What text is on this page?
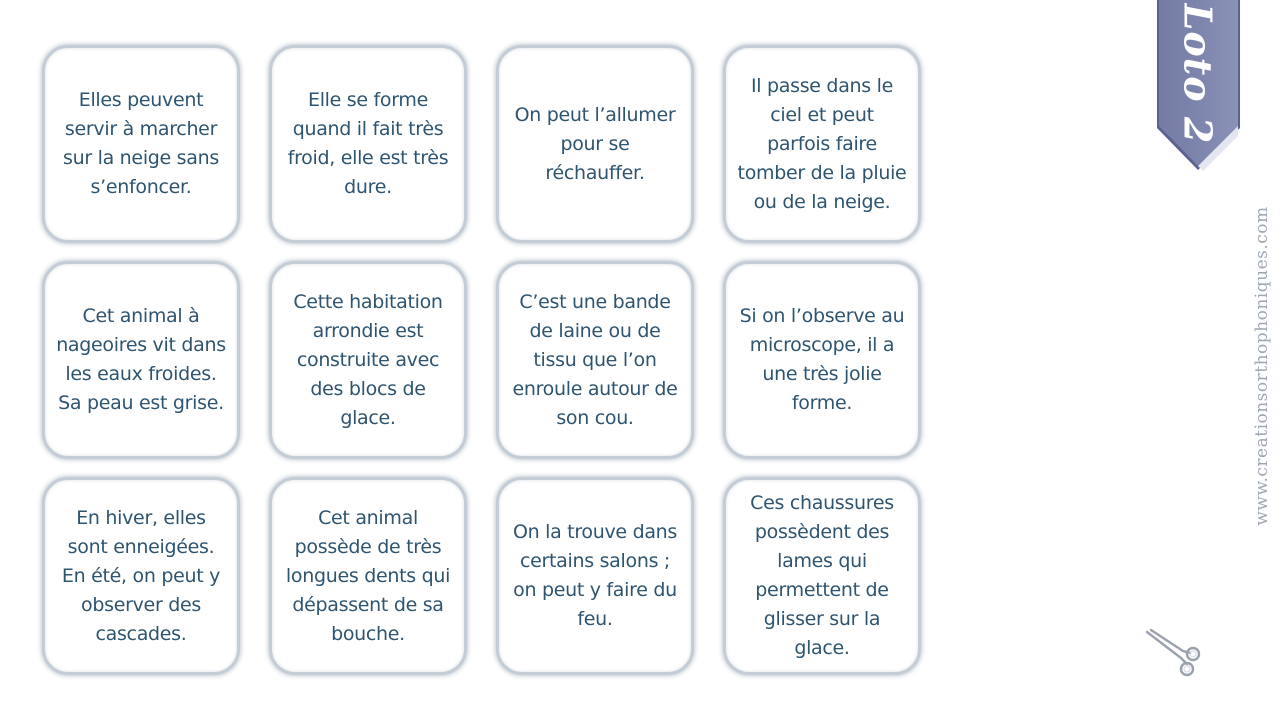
Elles peuvent servir à marcher sur la neige sans s’enfoncer.
Elle se forme quand il fait très froid, elle est très dure.
On peut l’allumer pour se réchauffer.
Il passe dans le ciel et peut parfois faire tomber de la pluie ou de la neige.
Cet animal à nageoires vit dans les eaux froides. Sa peau est grise.
Cette habitation arrondie est construite avec des blocs de glace.
C’est une bande de laine ou de tissu que l’on enroule autour de son cou.
Si on l’observe au microscope, il a une très jolie forme.
En hiver, elles sont enneigées. En été, on peut y observer des cascades.
Cet animal possède de très longues dents qui dépassent de sa bouche.
On la trouve dans certains salons ; on peut y faire du feu.
Ces chaussures possèdent des lames qui permettent de glisser sur la glace.
Loto 2
www.creationsorthophoniques.com
